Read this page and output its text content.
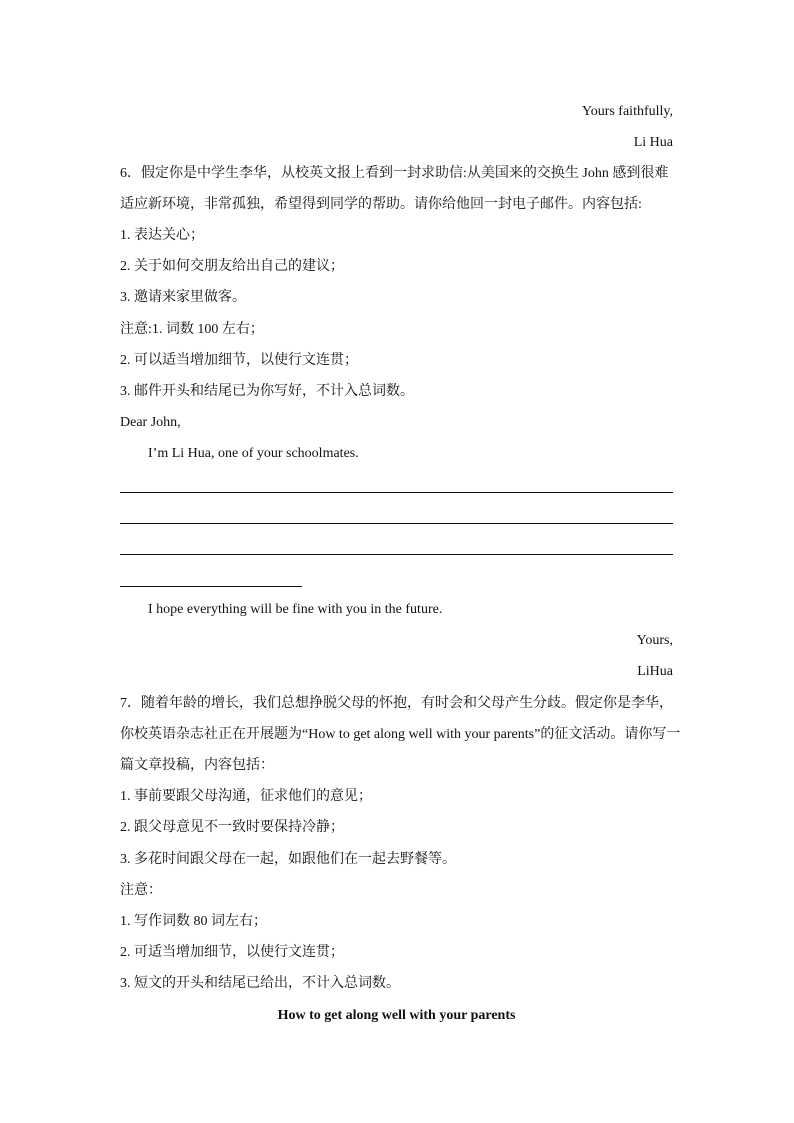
Yours faithfully,
Li Hua
6．假定你是中学生李华，从校英文报上看到一封求助信:从美国来的交换生 John 感到很难
适应新环境，非常孤独，希望得到同学的帮助。请你给他回一封电子邮件。内容包括:
1. 表达关心；
2. 关于如何交朋友给出自己的建议；
3. 邀请来家里做客。
注意:1. 词数 100 左右；
2. 可以适当增加细节，以使行文连贯；
3. 邮件开头和结尾已为你写好，不计入总词数。
Dear John,
I’m Li Hua, one of your schoolmates.
I hope everything will be fine with you in the future.
Yours,
LiHua
7．随着年龄的增长，我们总想挣脱父母的怀抱，有时会和父母产生分歧。假定你是李华，
你校英语杂志社正在开展题为“How to get along well with your parents”的征文活动。请你写一
篇文章投稿，内容包括：
1. 事前要跟父母沟通，征求他们的意见；
2. 跟父母意见不一致时要保持冷静；
3. 多花时间跟父母在一起，如跟他们在一起去野餐等。
注意：
1. 写作词数 80 词左右；
2. 可适当增加细节，以使行文连贯；
3. 短文的开头和结尾已给出，不计入总词数。
How to get along well with your parents
